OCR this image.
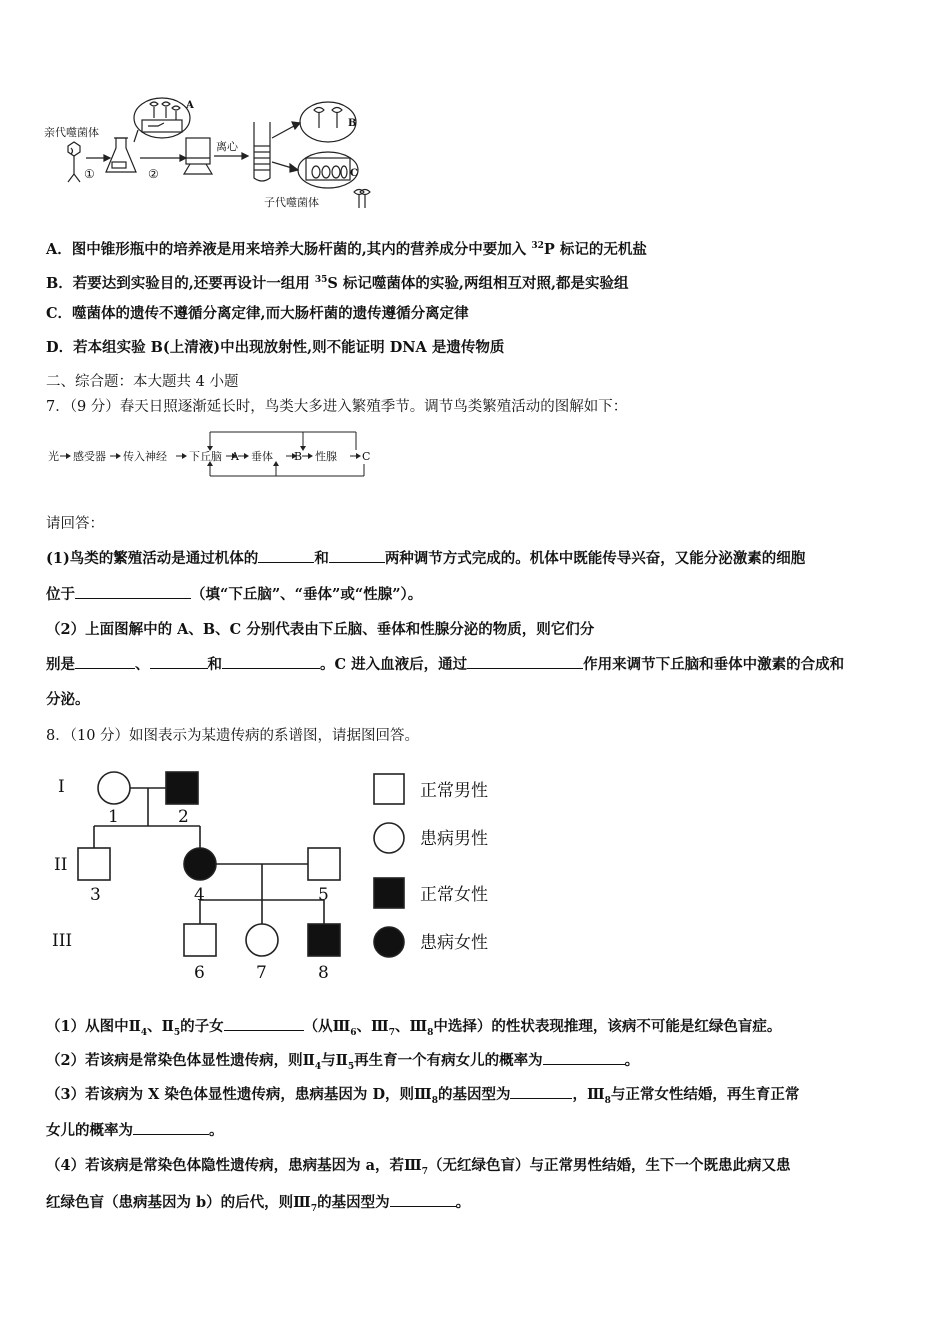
亲代噬菌体
①	②
A
离心
B
C
子代噬菌体
A．图中锥形瓶中的培养液是用来培养大肠杆菌的,其内的营养成分中要加入 $^{32}$P 标记的无机盐
B．若要达到实验目的,还要再设计一组用 $^{35}$S 标记噬菌体的实验,两组相互对照,都是实验组
C．噬菌体的遗传不遵循分离定律,而大肠杆菌的遗传遵循分离定律
D．若本组实验 B(上清液)中出现放射性,则不能证明 DNA 是遗传物质
二、综合题：本大题共 4 小题
7．（9 分）春天日照逐渐延长时，鸟类大多进入繁殖季节。调节鸟类繁殖活动的图解如下：
光 感受器 传入神经 下丘脑 A 垂体 B 性腺 C
请回答：
(1)鸟类的繁殖活动是通过机体的	和	两种调节方式完成的。机体中既能传导兴奋，又能分泌激素的细胞
位于	（填“下丘脑”、“垂体”或“性腺”）。
（2）上面图解中的 A、B、C 分别代表由下丘脑、垂体和性腺分泌的物质，则它们分
别是	、	和	。C 进入血液后，通过	作用来调节下丘脑和垂体中激素的合成和
分泌。
8．（10 分）如图表示为某遗传病的系谱图，请据图回答。
I
II
III
1	2
3	4	5
6	7	8
正常男性
患病男性
正常女性
患病女性
（1）从图中$Ⅱ_4$、$Ⅱ_5$的子女	（从$Ⅲ_6$、$Ⅲ_7$、$Ⅲ_8$中选择）的性状表现推理，该病不可能是红绿色盲症。
（2）若该病是常染色体显性遗传病，则$Ⅱ_4$与$Ⅱ_5$再生育一个有病女儿的概率为	。
（3）若该病为 X 染色体显性遗传病，患病基因为 D，则$Ⅲ_8$的基因型为	，$Ⅲ_8$与正常女性结婚，再生育正常
女儿的概率为	。
（4）若该病是常染色体隐性遗传病，患病基因为 a，若$Ⅲ_7$（无红绿色盲）与正常男性结婚，生下一个既患此病又患
红绿色盲（患病基因为 b）的后代，则$Ⅲ_7$的基因型为	。
